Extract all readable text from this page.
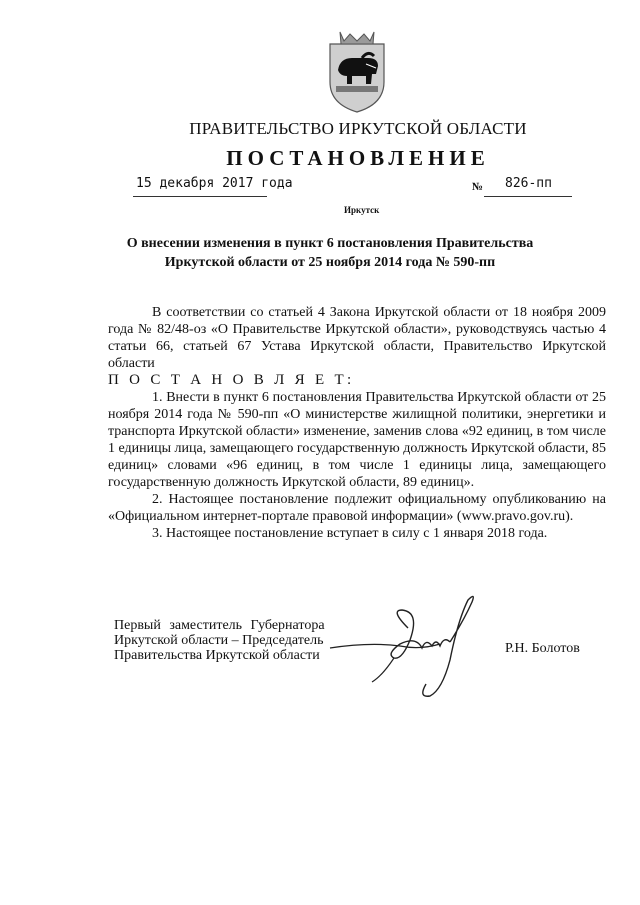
ПРАВИТЕЛЬСТВО ИРКУТСКОЙ ОБЛАСТИ
ПОСТАНОВЛЕНИЕ
15 декабря 2017 года	№ 826-пп
Иркутск
О внесении изменения в пункт 6 постановления Правительства
Иркутской области от 25 ноября 2014 года № 590-пп

В соответствии со статьей 4 Закона Иркутской области от 18 ноября 2009 года № 82/48-оз «О Правительстве Иркутской области», руководствуясь частью 4 статьи 66, статьей 67 Устава Иркутской области, Правительство Иркутской области

П О С Т А Н О В Л Я Е Т:

1. Внести в пункт 6 постановления Правительства Иркутской области от 25 ноября 2014 года № 590-пп «О министерстве жилищной политики, энергетики и транспорта Иркутской области» изменение, заменив слова «92 единиц, в том числе 1 единицы лица, замещающего государственную должность Иркутской области, 85 единиц» словами «96 единиц, в том числе 1 единицы лица, замещающего государственную должность Иркутской области, 89 единиц».

2. Настоящее постановление подлежит официальному опубликованию на «Официальном интернет-портале правовой информации» (www.pravo.gov.ru).

3. Настоящее постановление вступает в силу с 1 января 2018 года.

Первый заместитель Губернатора
Иркутской области – Председатель
Правительства Иркутской области	Р.Н. Болотов
